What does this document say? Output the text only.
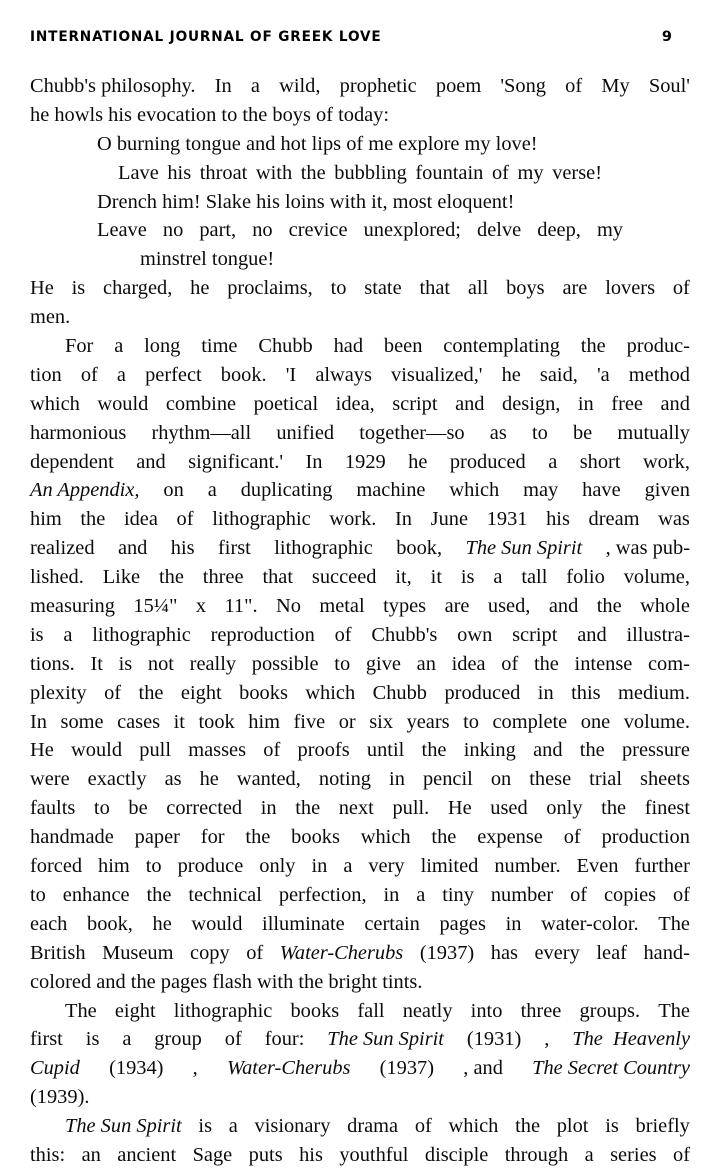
INTERNATIONAL JOURNAL OF GREEK LOVE	9

Chubb's philosophy. In a wild, prophetic poem 'Song of My Soul'
he howls his evocation to the boys of today:

O burning tongue and hot lips of me explore my love!
Lave his throat with the bubbling fountain of my verse!
Drench him! Slake his loins with it, most eloquent!
Leave no part, no crevice unexplored; delve deep, my
minstrel tongue!

He is charged, he proclaims, to state that all boys are lovers of
men.

For a long time Chubb had been contemplating the produc-
tion of a perfect book. 'I always visualized,' he said, 'a method
which would combine poetical idea, script and design, in free and
harmonious rhythm—all unified together—so as to be mutually
dependent and significant.' In 1929 he produced a short work,
An Appendix, on a duplicating machine which may have given
him the idea of lithographic work. In June 1931 his dream was
realized and his first lithographic book, The Sun Spirit , was pub-
lished. Like the three that succeed it, it is a tall folio volume,
measuring 15¼" x 11". No metal types are used, and the whole
is a lithographic reproduction of Chubb's own script and illustra-
tions. It is not really possible to give an idea of the intense com-
plexity of the eight books which Chubb produced in this medium.
In some cases it took him five or six years to complete one volume.
He would pull masses of proofs until the inking and the pressure
were exactly as he wanted, noting in pencil on these trial sheets
faults to be corrected in the next pull. He used only the finest
handmade paper for the books which the expense of production
forced him to produce only in a very limited number. Even further
to enhance the technical perfection, in a tiny number of copies of
each book, he would illuminate certain pages in water-color. The
British Museum copy of Water-Cherubs (1937) has every leaf hand-
colored and the pages flash with the bright tints.

The eight lithographic books fall neatly into three groups. The
first is a group of four: The Sun Spirit (1931) , The  Heavenly
Cupid (1934) , Water-Cherubs (1937) , and The Secret Country
(1939).

The Sun Spirit is a visionary drama of which the plot is briefly
this: an ancient Sage puts his youthful disciple through a series of
